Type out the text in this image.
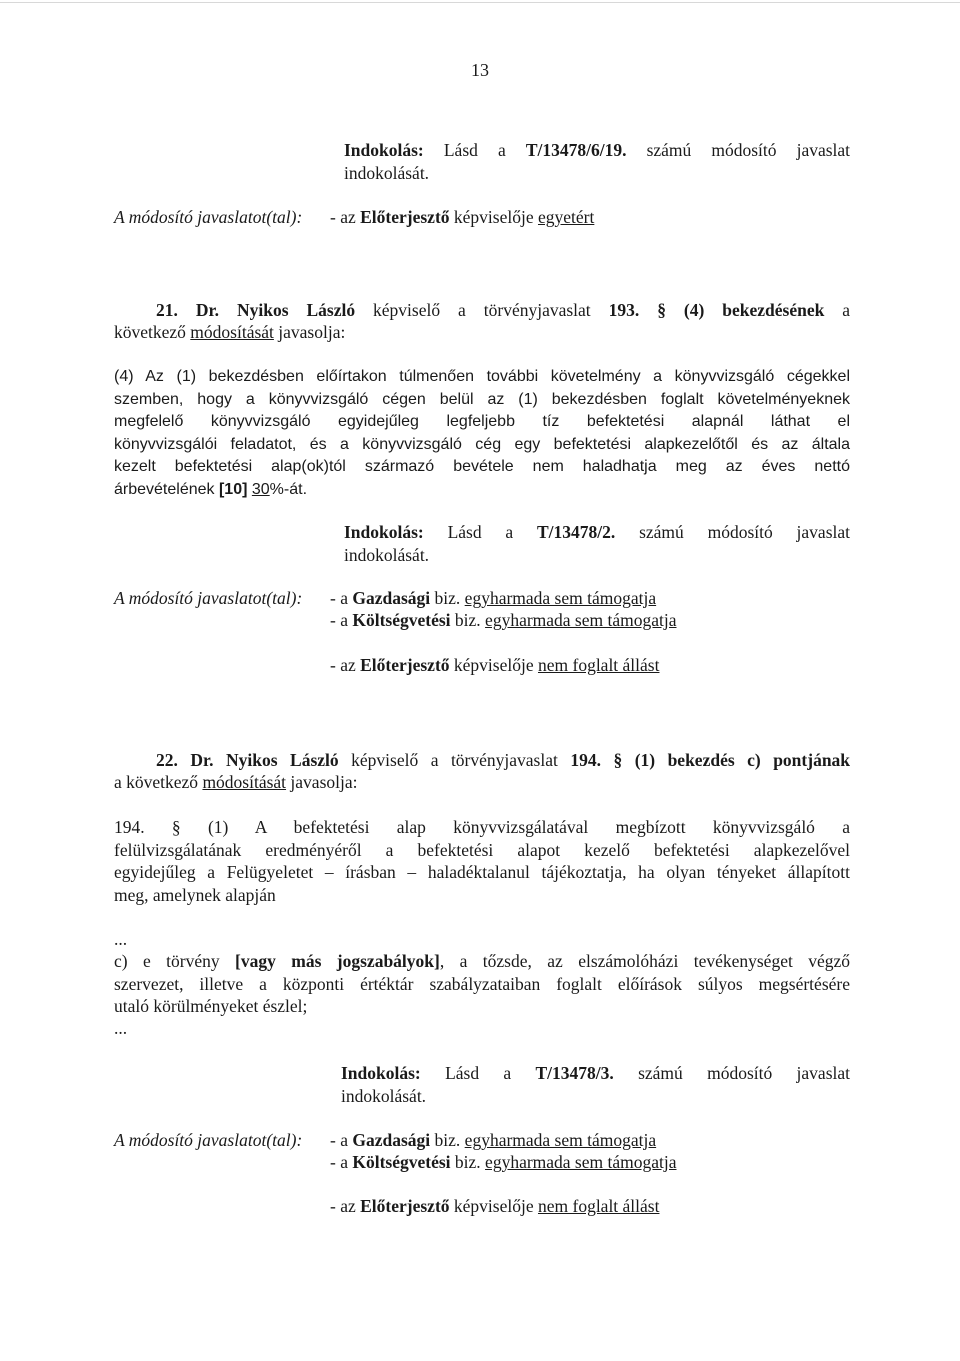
13
Indokolás: Lásd a T/13478/6/19. számú módosító javaslat
indokolását.
A módosító javaslatot(tal): - az Előterjesztő képviselője egyetért
21. Dr. Nyikos László képviselő a törvényjavaslat 193. § (4) bekezdésének a
következő módosítását javasolja:
(4) Az (1) bekezdésben előírtakon túlmenően további követelmény a könyvvizsgáló cégekkel
szemben, hogy a könyvvizsgáló cégen belül az (1) bekezdésben foglalt követelményeknek
megfelelő könyvvizsgáló egyidejűleg legfeljebb tíz befektetési alapnál láthat el
könyvvizsgálói feladatot, és a könyvvizsgáló cég egy befektetési alapkezelőtől és az általa
kezelt befektetési alap(ok)tól származó bevétele nem haladhatja meg az éves nettó
árbevételének [10] 30%-át.
Indokolás: Lásd a T/13478/2. számú módosító javaslat
indokolását.
A módosító javaslatot(tal): - a Gazdasági biz. egyharmada sem támogatja
- a Költségvetési biz. egyharmada sem támogatja
- az Előterjesztő képviselője nem foglalt állást
22. Dr. Nyikos László képviselő a törvényjavaslat 194. § (1) bekezdés c) pontjának
a következő módosítását javasolja:
194. § (1) A befektetési alap könyvvizsgálatával megbízott könyvvizsgáló a
felülvizsgálatának eredményéről a befektetési alapot kezelő befektetési alapkezelővel
egyidejűleg a Felügyeletet – írásban – haladéktalanul tájékoztatja, ha olyan tényeket állapított
meg, amelynek alapján
...
c) e törvény [vagy más jogszabályok], a tőzsde, az elszámolóházi tevékenységet végző
szervezet, illetve a központi értéktár szabályzataiban foglalt előírások súlyos megsértésére
utaló körülményeket észlel;
...
Indokolás: Lásd a T/13478/3. számú módosító javaslat
indokolását.
A módosító javaslatot(tal): - a Gazdasági biz. egyharmada sem támogatja
- a Költségvetési biz. egyharmada sem támogatja
- az Előterjesztő képviselője nem foglalt állást
